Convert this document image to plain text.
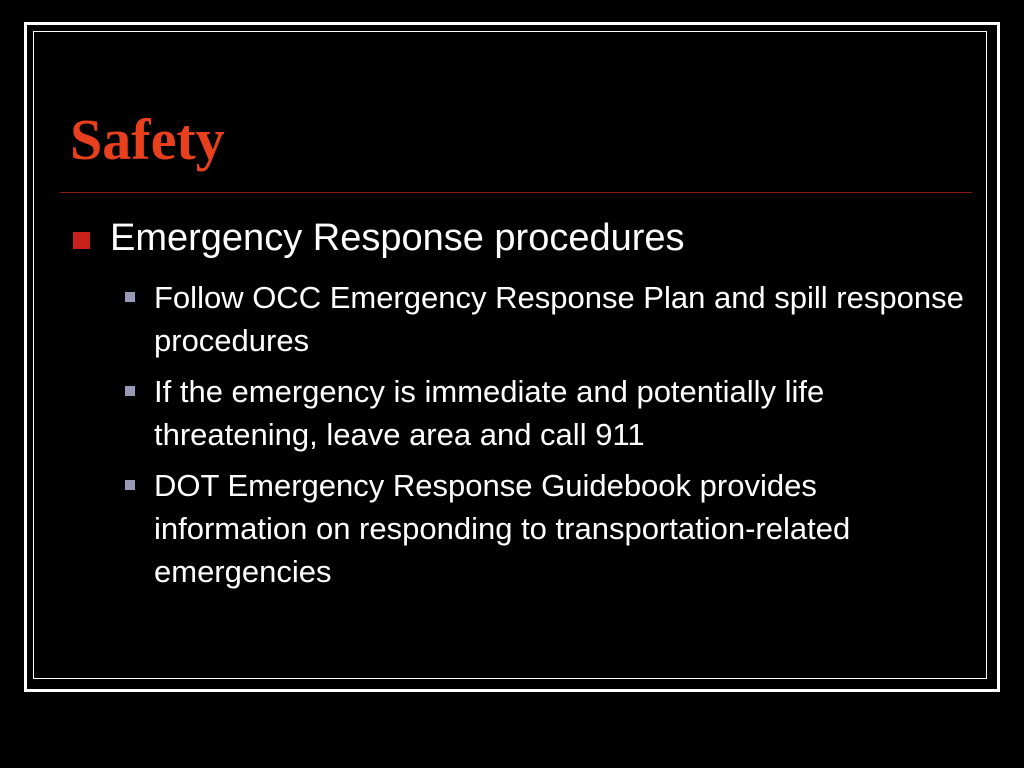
Safety
Emergency Response procedures
Follow OCC Emergency Response Plan and spill response procedures
If the emergency is immediate and potentially life threatening, leave area and call 911
DOT Emergency Response Guidebook provides information on responding to transportation-related emergencies
